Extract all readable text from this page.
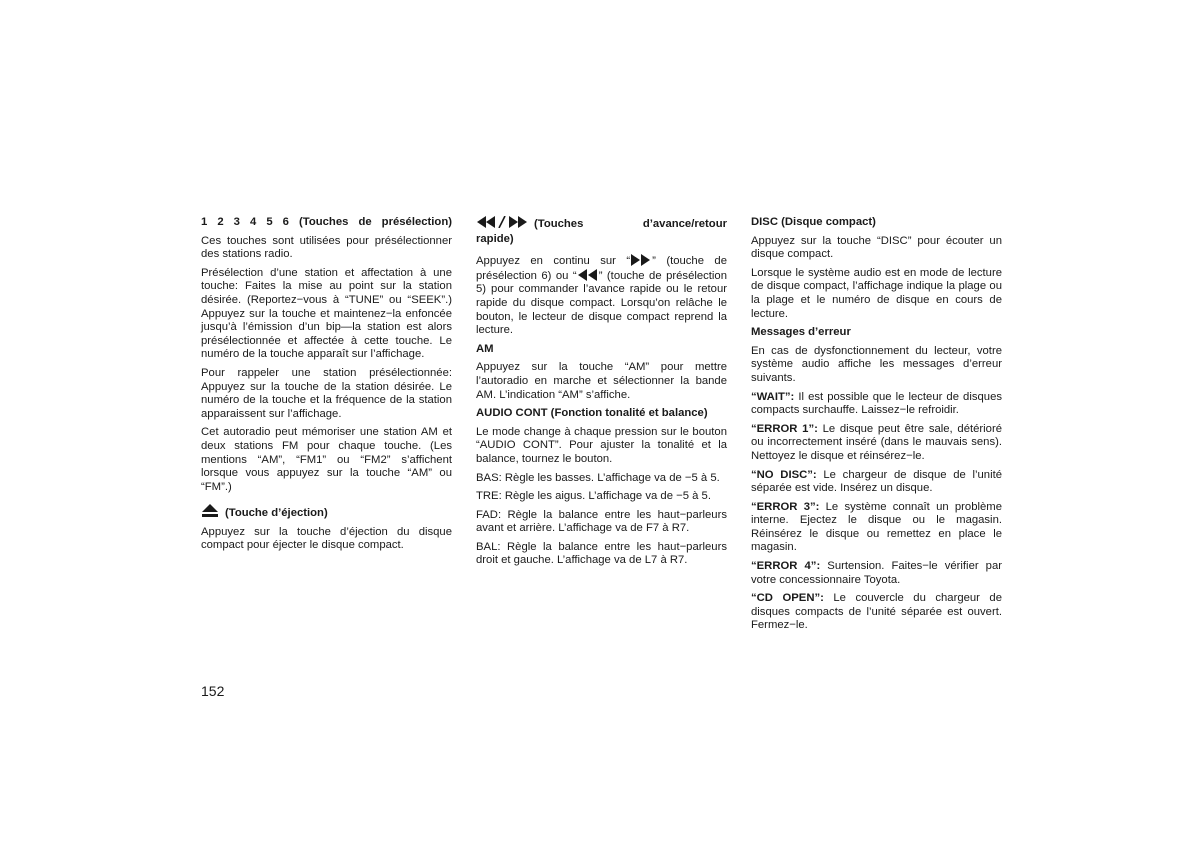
1 2 3 4 5 6 (Touches de présélection)

Ces touches sont utilisées pour présélectionner des stations radio.

Présélection d’une station et affectation à une touche: Faites la mise au point sur la station désirée. (Reportez−vous à “TUNE” ou “SEEK”.) Appuyez sur la touche et maintenez−la enfoncée jusqu’à l’émission d’un bip—la station est alors présélectionnée et affectée à cette touche. Le numéro de la touche apparaît sur l’affichage.

Pour rappeler une station présélectionnée: Appuyez sur la touche de la station désirée. Le numéro de la touche et la fréquence de la station apparaissent sur l’affichage.

Cet autoradio peut mémoriser une station AM et deux stations FM pour chaque touche. (Les mentions “AM”, “FM1” ou “FM2” s’affichent lorsque vous appuyez sur la touche “AM” ou “FM”.)

(Touche d’éjection)

Appuyez sur la touche d’éjection du disque compact pour éjecter le disque compact.

(Touches d’avance/retour rapide)

Appuyez en continu sur “ ” (touche de présélection 6) ou “ ” (touche de présélection 5) pour commander l’avance rapide ou le retour rapide du disque compact. Lorsqu’on relâche le bouton, le lecteur de disque compact reprend la lecture.

AM

Appuyez sur la touche “AM” pour mettre l’autoradio en marche et sélectionner la bande AM. L’indication “AM” s’affiche.

AUDIO CONT (Fonction tonalité et balance)

Le mode change à chaque pression sur le bouton “AUDIO CONT”. Pour ajuster la tonalité et la balance, tournez le bouton.

BAS: Règle les basses. L’affichage va de −5 à 5.

TRE: Règle les aigus. L’affichage va de −5 à 5.

FAD: Règle la balance entre les haut−parleurs avant et arrière. L’affichage va de F7 à R7.

BAL: Règle la balance entre les haut−parleurs droit et gauche. L’affichage va de L7 à R7.

DISC (Disque compact)

Appuyez sur la touche “DISC” pour écouter un disque compact.

Lorsque le système audio est en mode de lecture de disque compact, l’affichage indique la plage ou la plage et le numéro de disque en cours de lecture.

Messages d’erreur

En cas de dysfonctionnement du lecteur, votre système audio affiche les messages d’erreur suivants.

“WAIT”: Il est possible que le lecteur de disques compacts surchauffe. Laissez−le refroidir.

“ERROR 1”: Le disque peut être sale, détérioré ou incorrectement inséré (dans le mauvais sens). Nettoyez le disque et réinsérez−le.

“NO DISC”: Le chargeur de disque de l’unité séparée est vide. Insérez un disque.

“ERROR 3”: Le système connaît un problème interne. Ejectez le disque ou le magasin. Réinsérez le disque ou remettez en place le magasin.

“ERROR 4”: Surtension. Faites−le vérifier par votre concessionnaire Toyota.

“CD OPEN”: Le couvercle du chargeur de disques compacts de l’unité séparée est ouvert. Fermez−le.

152
